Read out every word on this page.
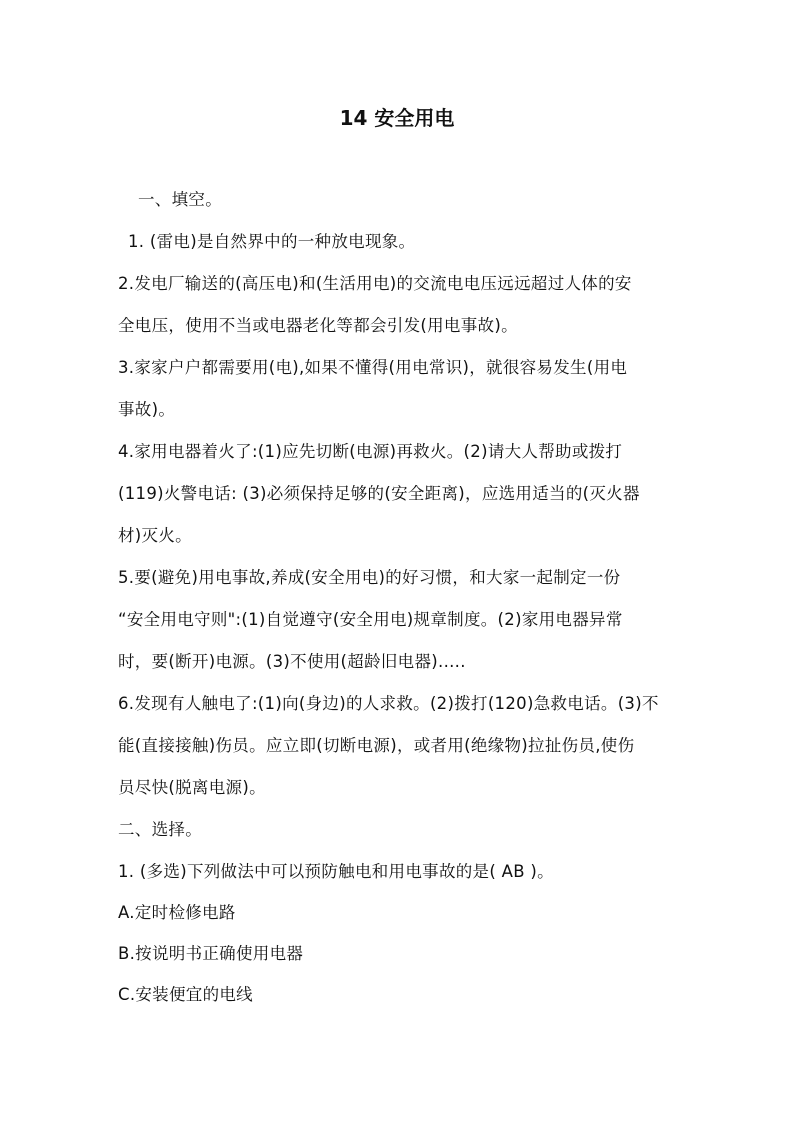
14 安全用电
一、填空。
1. (雷电)是自然界中的一种放电现象。
2.发电厂输送的(高压电)和(生活用电)的交流电电压远远超过人体的安
全电压，使用不当或电器老化等都会引发(用电事故)。
3.家家户户都需要用(电),如果不懂得(用电常识)，就很容易发生(用电
事故)。
4.家用电器着火了:(1)应先切断(电源)再救火。(2)请大人帮助或拨打
(119)火警电话: (3)必须保持足够的(安全距离)，应选用适当的(灭火器
材)灭火。
5.要(避免)用电事故,养成(安全用电)的好习惯，和大家一起制定一份
“安全用电守则":(1)自觉遵守(安全用电)规章制度。(2)家用电器异常
时，要(断开)电源。(3)不使用(超龄旧电器).....
6.发现有人触电了:(1)向(身边)的人求救。(2)拨打(120)急救电话。(3)不
能(直接接触)伤员。应立即(切断电源)，或者用(绝缘物)拉扯伤员,使伤
员尽快(脱离电源)。
二、选择。
1. (多选)下列做法中可以预防触电和用电事故的是( AB )。
A.定时检修电路
B.按说明书正确使用电器
C.安装便宜的电线
